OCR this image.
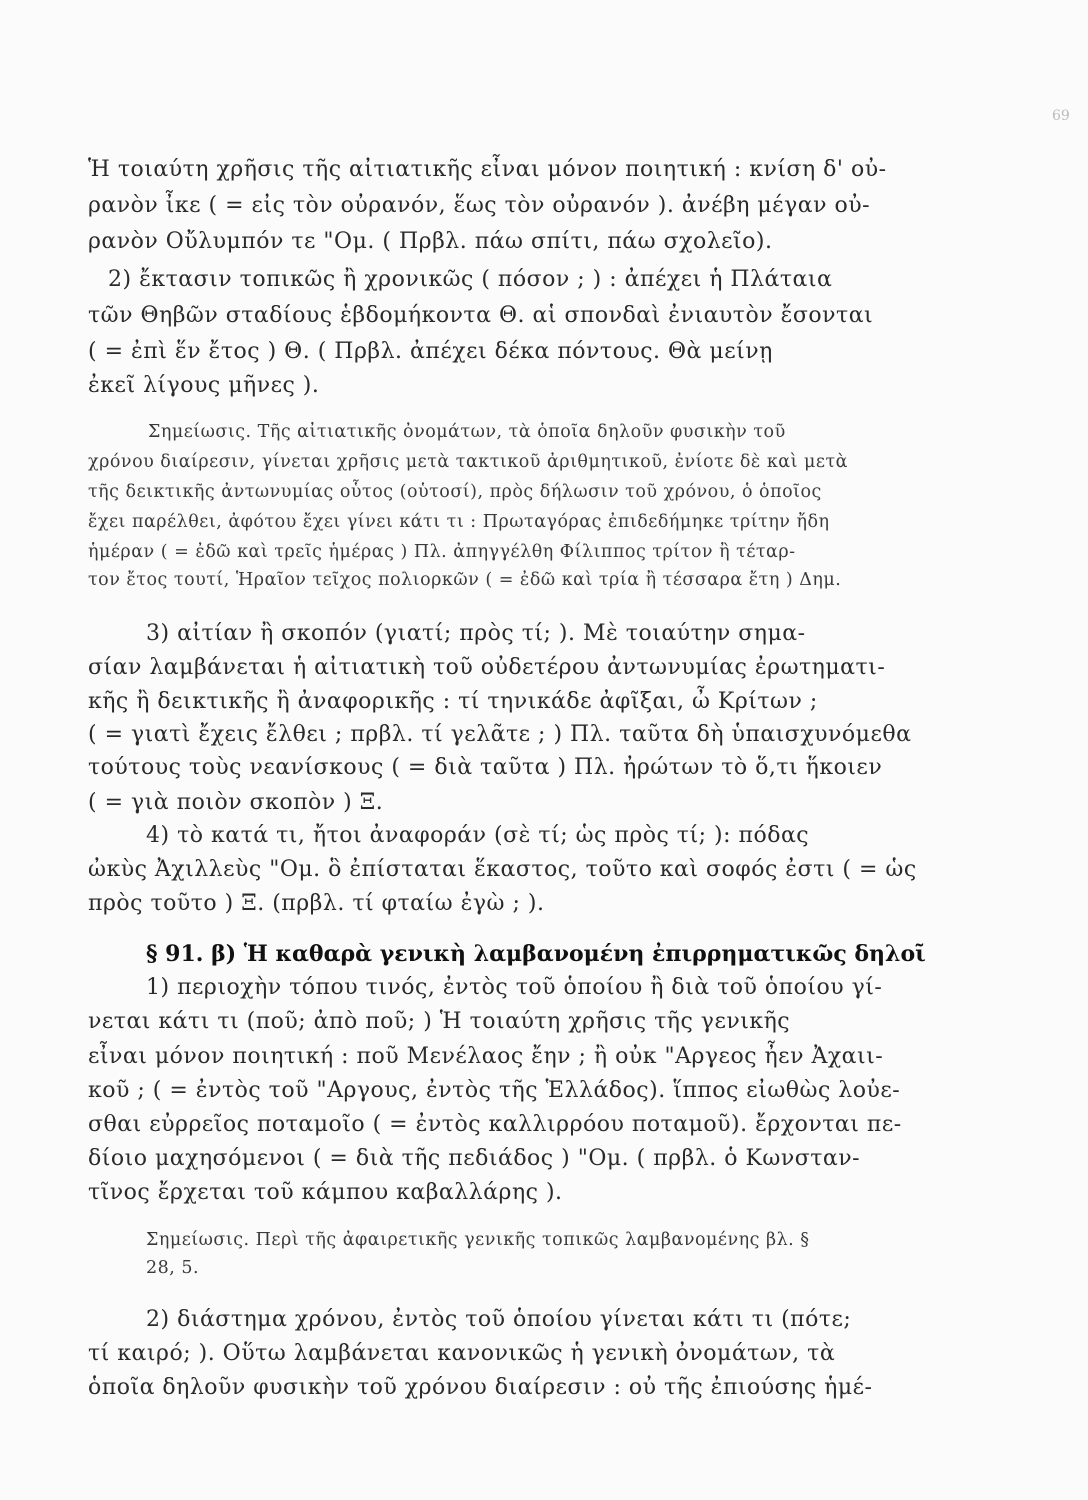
69
Ἡ τοιαύτη χρῆσις τῆς αἰτιατικῆς εἶναι μόνον ποιητική : κνίση δ' οὐ-
ρανὸν ἶκε ( = εἰς τὸν οὐρανόν, ἕως τὸν οὐρανόν ). ἀνέβη μέγαν οὐ-
ρανὸν Οὔλυμπόν τε "Ομ. ( Πρβλ. πάω σπίτι, πάω σχολεῖο).
2) ἔκτασιν τοπικῶς ἢ χρονικῶς ( πόσον ; ) : ἀπέχει ἡ Πλάταια
τῶν Θηβῶν σταδίους ἑβδομήκοντα Θ. αἱ σπονδαὶ ἐνιαυτὸν ἔσονται
( = ἐπὶ ἕν ἔτος ) Θ. ( Πρβλ. ἀπέχει δέκα πόντους. Θὰ μείνῃ
ἐκεῖ λίγους μῆνες ).
Σημείωσις. Τῆς αἰτιατικῆς ὀνομάτων, τὰ ὁποῖα δηλοῦν φυσικὴν τοῦ
χρόνου διαίρεσιν, γίνεται χρῆσις μετὰ τακτικοῦ ἀριθμητικοῦ, ἐνίοτε δὲ καὶ μετὰ
τῆς δεικτικῆς ἀντωνυμίας οὗτος (οὑτοσί), πρὸς δήλωσιν τοῦ χρόνου, ὁ ὁποῖος
ἔχει παρέλθει, ἀφότου ἔχει γίνει κάτι τι : Πρωταγόρας ἐπιδεδήμηκε τρίτην ἤδη
ἡμέραν ( = ἐδῶ καὶ τρεῖς ἡμέρας ) Πλ. ἀπηγγέλθη Φίλιππος τρίτον ἢ τέταρ-
τον ἔτος τουτί, Ἡραῖον τεῖχος πολιορκῶν ( = ἐδῶ καὶ τρία ἢ τέσσαρα ἔτη ) Δημ.
3) αἰτίαν ἢ σκοπόν (γιατί; πρὸς τί; ). Μὲ τοιαύτην σημα-
σίαν λαμβάνεται ἡ αἰτιατικὴ τοῦ οὐδετέρου ἀντωνυμίας ἐρωτηματι-
κῆς ἢ δεικτικῆς ἢ ἀναφορικῆς : τί τηνικάδε ἀφῖξαι, ὦ Κρίτων ;
( = γιατὶ ἔχεις ἔλθει ; πρβλ. τί γελᾶτε ; ) Πλ. ταῦτα δὴ ὑπαισχυνόμεθα
τούτους τοὺς νεανίσκους ( = διὰ ταῦτα ) Πλ. ἠρώτων τὸ ὅ,τι ἥκοιεν
( = γιὰ ποιὸν σκοπὸν ) Ξ.
4) τὸ κατά τι, ἤτοι ἀναφοράν (σὲ τί; ὡς πρὸς τί; ): πόδας
ὠκὺς Ἀχιλλεὺς "Ομ. ὃ ἐπίσταται ἕκαστος, τοῦτο καὶ σοφός ἐστι ( = ὡς
πρὸς τοῦτο ) Ξ. (πρβλ. τί φταίω ἐγὼ ; ).
§ 91. β) Ἡ καθαρὰ γενικὴ λαμβανομένη ἐπιρρηματικῶς δηλοῖ
1) περιοχὴν τόπου τινός, ἐντὸς τοῦ ὁποίου ἢ διὰ τοῦ ὁποίου γί-
νεται κάτι τι (ποῦ; ἀπὸ ποῦ; ) Ἡ τοιαύτη χρῆσις τῆς γενικῆς
εἶναι μόνον ποιητική : ποῦ Μενέλαος ἔην ; ἢ οὐκ "Αργεος ἦεν Ἀχαιι-
κοῦ ; ( = ἐντὸς τοῦ "Αργους, ἐντὸς τῆς Ἑλλάδος). ἵππος εἰωθὼς λοὐε-
σθαι εὐρρεῖος ποταμοῖο ( = ἐντὸς καλλιρρόου ποταμοῦ). ἔρχονται πε-
δίοιο μαχησόμενοι ( = διὰ τῆς πεδιάδος ) "Ομ. ( πρβλ. ὁ Κωνσταν-
τῖνος ἔρχεται τοῦ κάμπου καβαλλάρης ).
Σημείωσις. Περὶ τῆς ἀφαιρετικῆς γενικῆς τοπικῶς λαμβανομένης βλ. §
28, 5.
2) διάστημα χρόνου, ἐντὸς τοῦ ὁποίου γίνεται κάτι τι (πότε;
τί καιρό; ). Οὕτω λαμβάνεται κανονικῶς ἡ γενικὴ ὀνομάτων, τὰ
ὁποῖα δηλοῦν φυσικὴν τοῦ χρόνου διαίρεσιν : οὐ τῆς ἐπιούσης ἡμέ-
